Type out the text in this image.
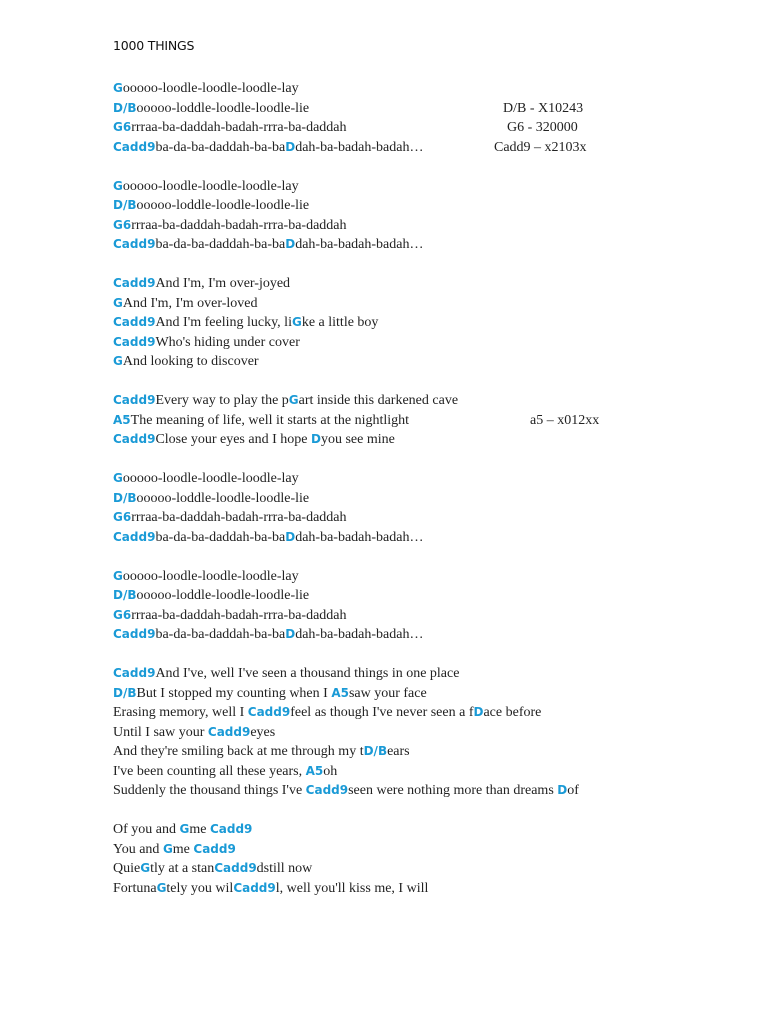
1000 THINGS
Gooooo-loodle-loodle-loodle-lay
D/Booooo-loddle-loodle-loodle-lie	D/B - X10243
G6rrraa-ba-daddah-badah-rrra-ba-daddah	G6 - 320000
Cadd9ba-da-ba-daddah-ba-baDdah-ba-badah-badah…	Cadd9 – x2103x
Gooooo-loodle-loodle-loodle-lay
D/Booooo-loddle-loodle-loodle-lie
G6rrraa-ba-daddah-badah-rrra-ba-daddah
Cadd9ba-da-ba-daddah-ba-baDdah-ba-badah-badah…
Cadd9And I'm, I'm over-joyed
GAnd I'm, I'm over-loved
Cadd9And I'm feeling lucky, liGke a little boy
Cadd9Who's hiding under cover
GAnd looking to discover
Cadd9Every way to play the pGart inside this darkened cave
A5The meaning of life, well it starts at the nightlight	a5 – x012xx
Cadd9Close your eyes and I hope Dyou see mine
Gooooo-loodle-loodle-loodle-lay
D/Booooo-loddle-loodle-loodle-lie
G6rrraa-ba-daddah-badah-rrra-ba-daddah
Cadd9ba-da-ba-daddah-ba-baDdah-ba-badah-badah…
Gooooo-loodle-loodle-loodle-lay
D/Booooo-loddle-loodle-loodle-lie
G6rrraa-ba-daddah-badah-rrra-ba-daddah
Cadd9ba-da-ba-daddah-ba-baDdah-ba-badah-badah…
Cadd9And I've, well I've seen a thousand things in one place
D/BBut I stopped my counting when I A5saw your face
Erasing memory, well I Cadd9feel as though I've never seen a fDace before
Until I saw your Cadd9eyes
And they're smiling back at me through my tD/Bears
I've been counting all these years, A5oh
Suddenly the thousand things I've Cadd9seen were nothing more than dreams Dof
Of you and Gme Cadd9
You and Gme Cadd9
QuieGtly at a stanCadd9dstill now
FortunaGtely you wilCadd9l, well you'll kiss me, I will
